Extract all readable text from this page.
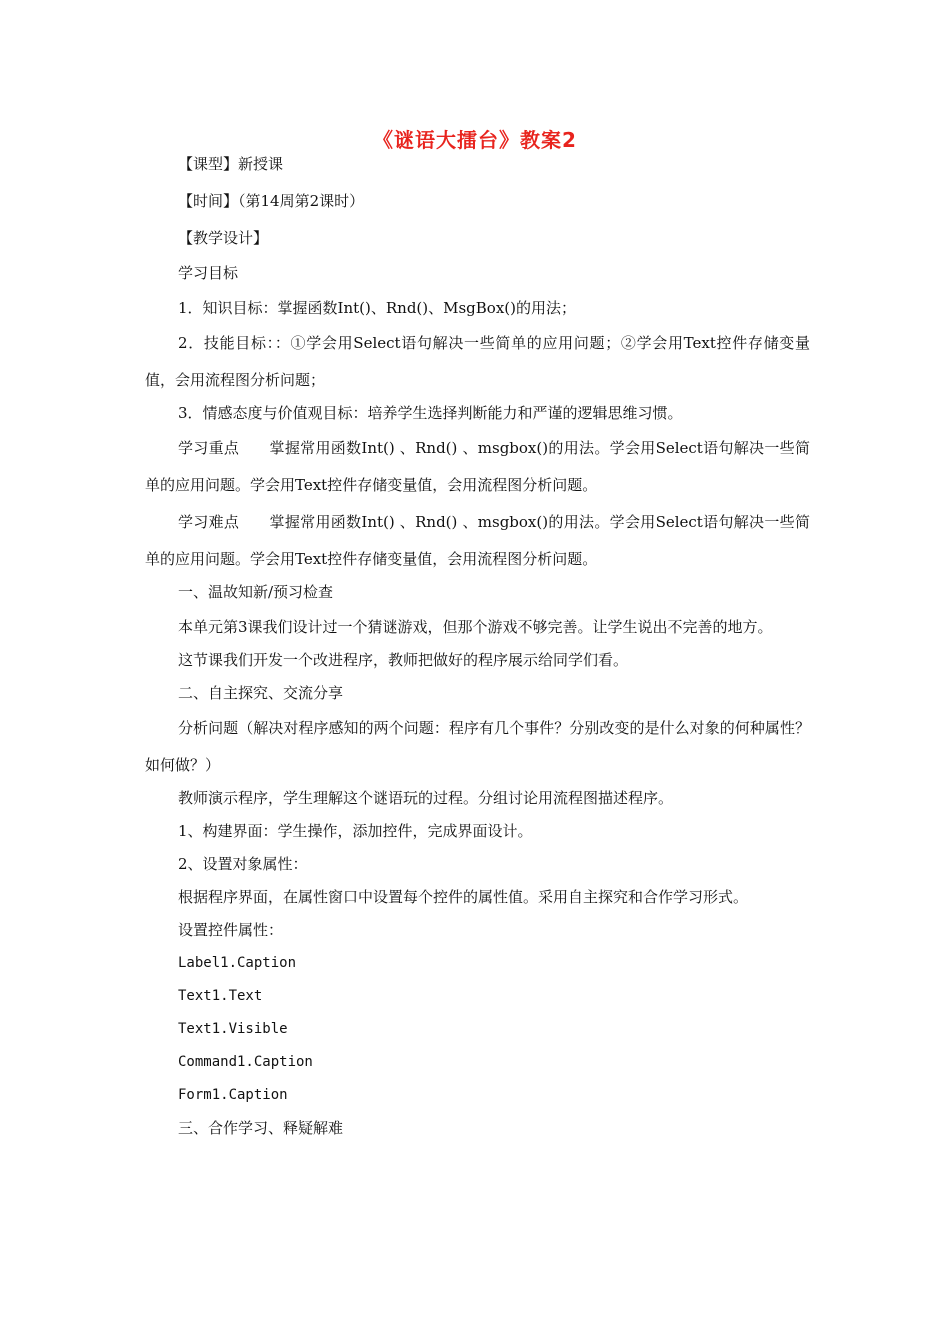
《谜语大擂台》教案2

【课型】新授课

【时间】（第14周第2课时）

【教学设计】

学习目标

1．知识目标：掌握函数Int()、Rnd()、MsgBox()的用法；

2．技能目标：：①学会用Select语句解决一些简单的应用问题；②学会用Text控件存储变量值，会用流程图分析问题；

3．情感态度与价值观目标：培养学生选择判断能力和严谨的逻辑思维习惯。

学习重点 掌握常用函数Int() 、Rnd() 、msgbox()的用法。学会用Select语句解决一些简单的应用问题。学会用Text控件存储变量值，会用流程图分析问题。

学习难点 掌握常用函数Int() 、Rnd() 、msgbox()的用法。学会用Select语句解决一些简单的应用问题。学会用Text控件存储变量值，会用流程图分析问题。

一、温故知新/预习检查

本单元第3课我们设计过一个猜谜游戏，但那个游戏不够完善。让学生说出不完善的地方。

这节课我们开发一个改进程序，教师把做好的程序展示给同学们看。

二、自主探究、交流分享

分析问题（解决对程序感知的两个问题：程序有几个事件？分别改变的是什么对象的何种属性？如何做？）

教师演示程序，学生理解这个谜语玩的过程。分组讨论用流程图描述程序。

1、构建界面：学生操作，添加控件，完成界面设计。

2、设置对象属性：

根据程序界面，在属性窗口中设置每个控件的属性值。采用自主探究和合作学习形式。

设置控件属性：

Label1.Caption

Text1.Text

Text1.Visible

Command1.Caption

Form1.Caption

三、合作学习、释疑解难
